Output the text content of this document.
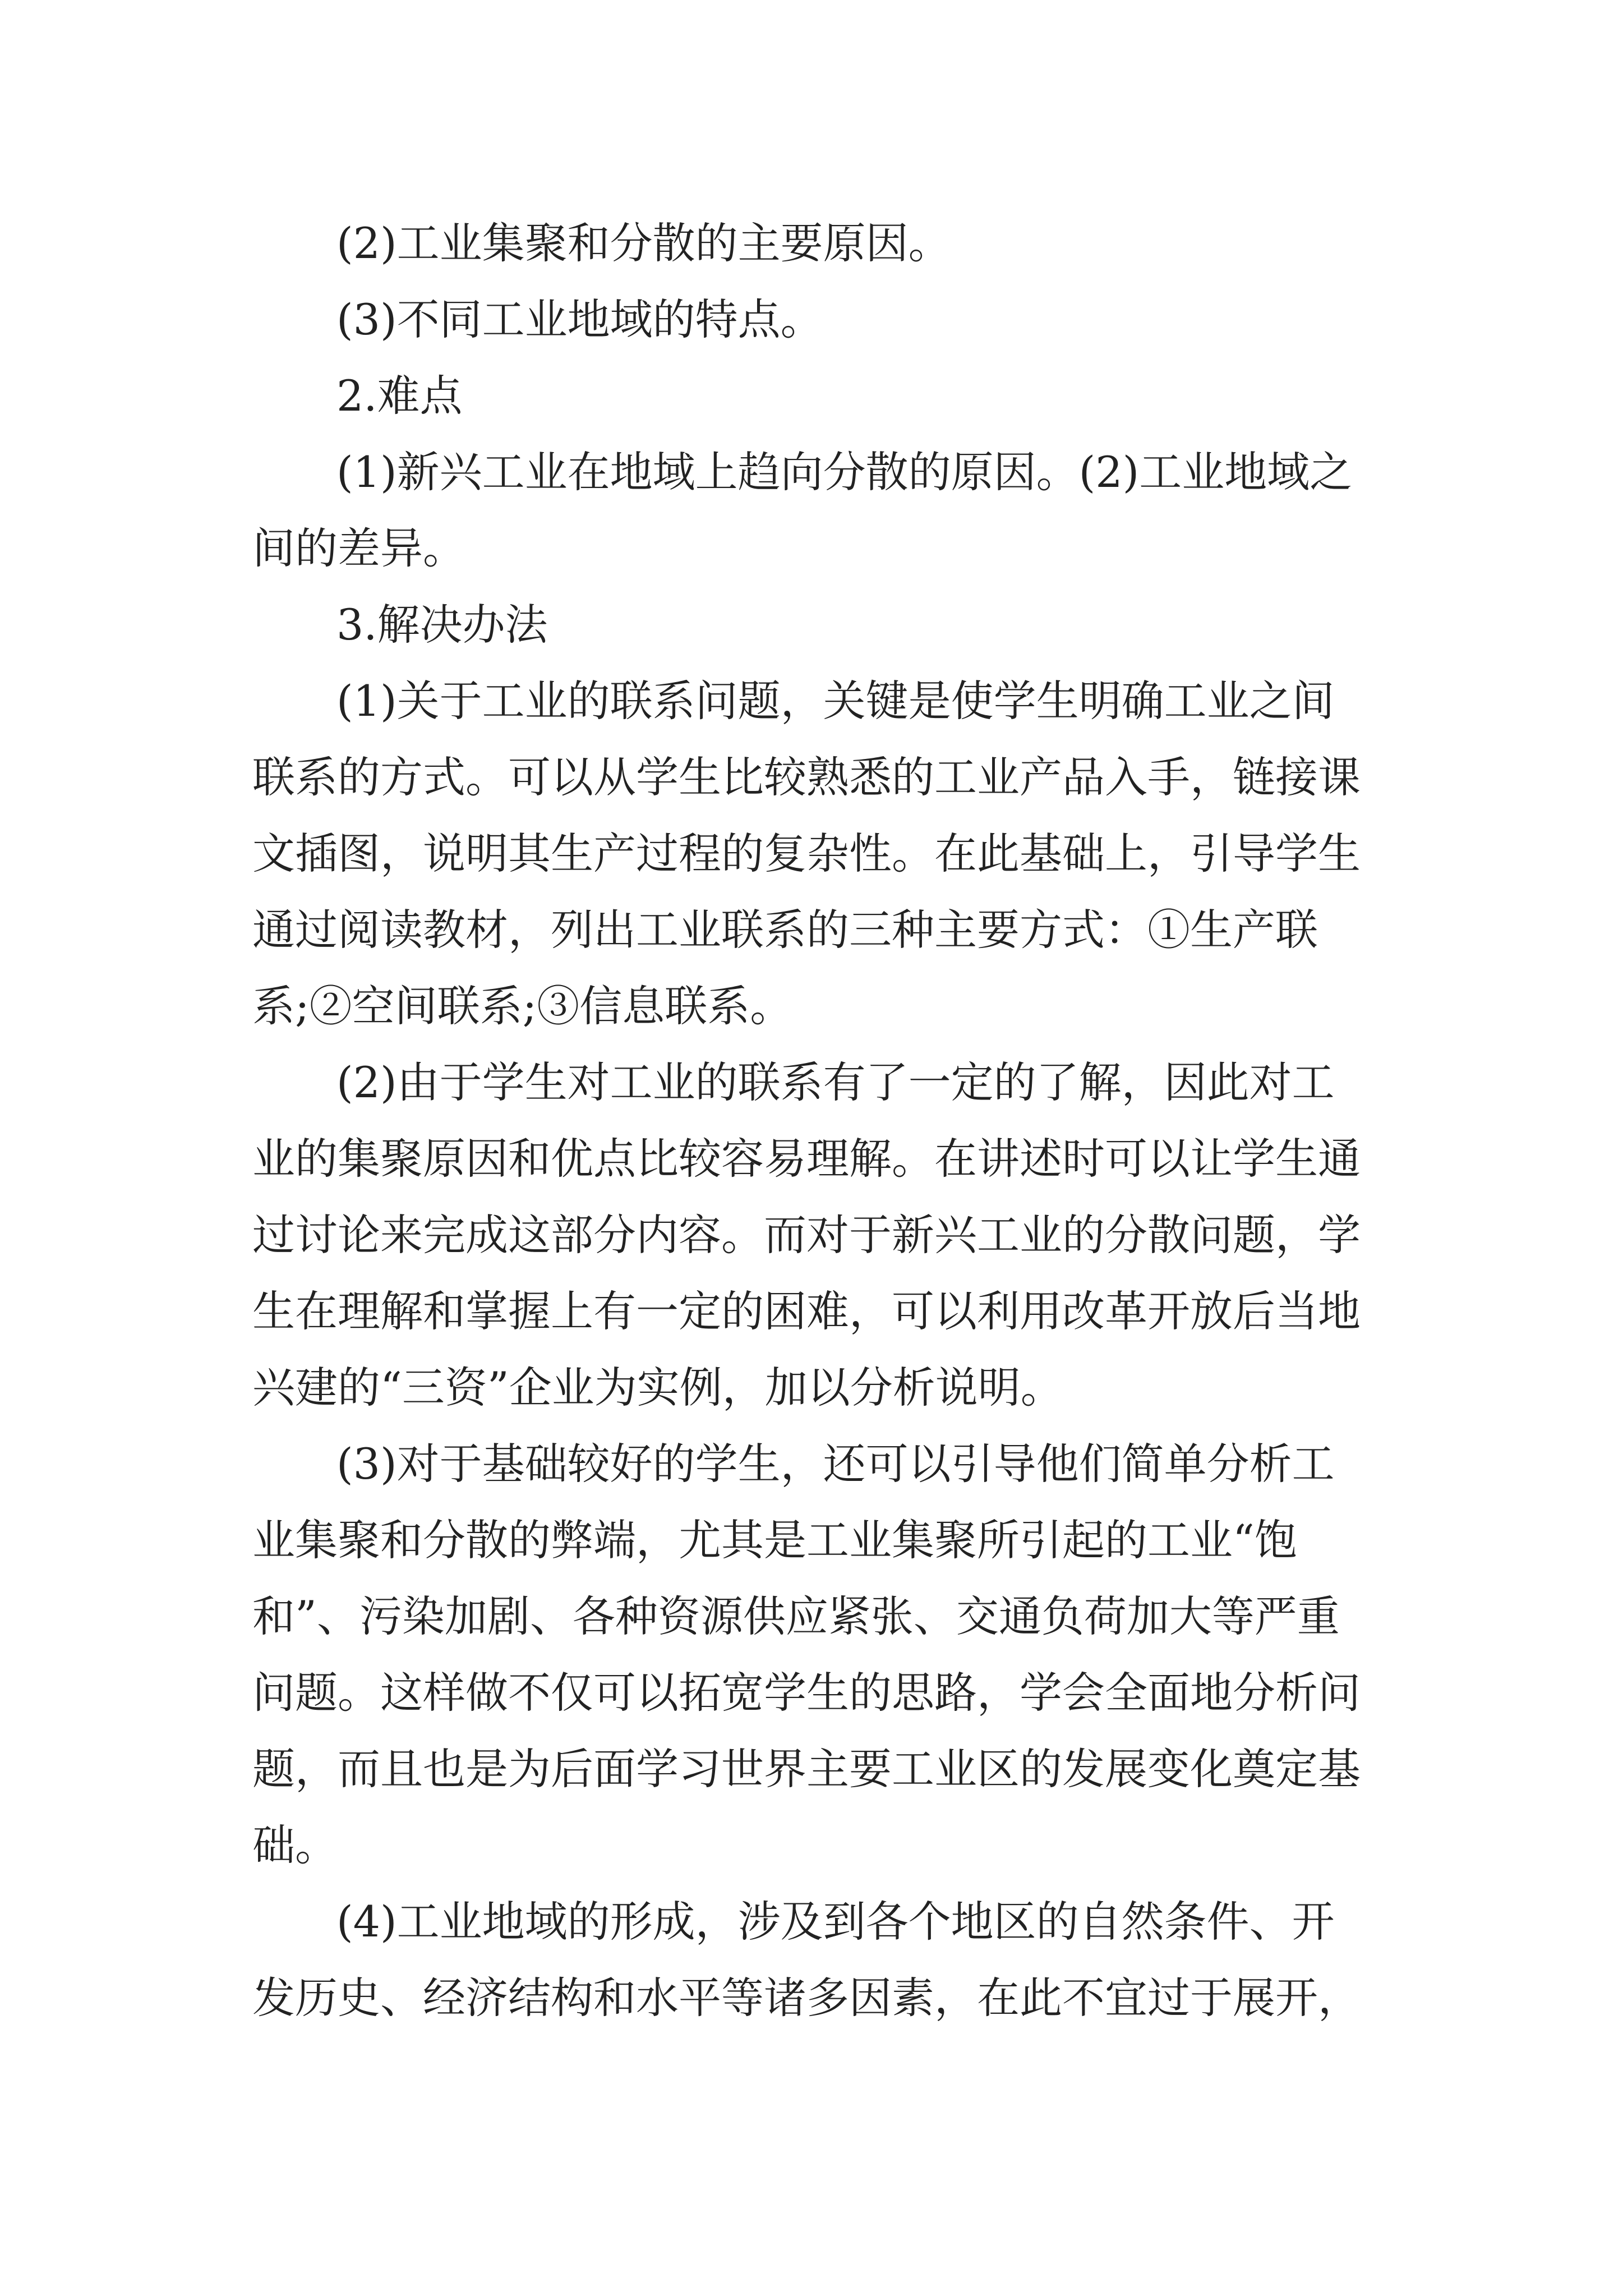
(2)工业集聚和分散的主要原因。
(3)不同工业地域的特点。
2.难点
(1)新兴工业在地域上趋向分散的原因。(2)工业地域之
间的差异。
3.解决办法
(1)关于工业的联系问题，关键是使学生明确工业之间
联系的方式。可以从学生比较熟悉的工业产品入手，链接课
文插图，说明其生产过程的复杂性。在此基础上，引导学生
通过阅读教材，列出工业联系的三种主要方式：①生产联
系;②空间联系;③信息联系。
(2)由于学生对工业的联系有了一定的了解，因此对工
业的集聚原因和优点比较容易理解。在讲述时可以让学生通
过讨论来完成这部分内容。而对于新兴工业的分散问题，学
生在理解和掌握上有一定的困难，可以利用改革开放后当地
兴建的“三资”企业为实例，加以分析说明。
(3)对于基础较好的学生，还可以引导他们简单分析工
业集聚和分散的弊端，尤其是工业集聚所引起的工业“饱
和”、污染加剧、各种资源供应紧张、交通负荷加大等严重
问题。这样做不仅可以拓宽学生的思路，学会全面地分析问
题，而且也是为后面学习世界主要工业区的发展变化奠定基
础。
(4)工业地域的形成，涉及到各个地区的自然条件、开
发历史、经济结构和水平等诸多因素，在此不宜过于展开，
